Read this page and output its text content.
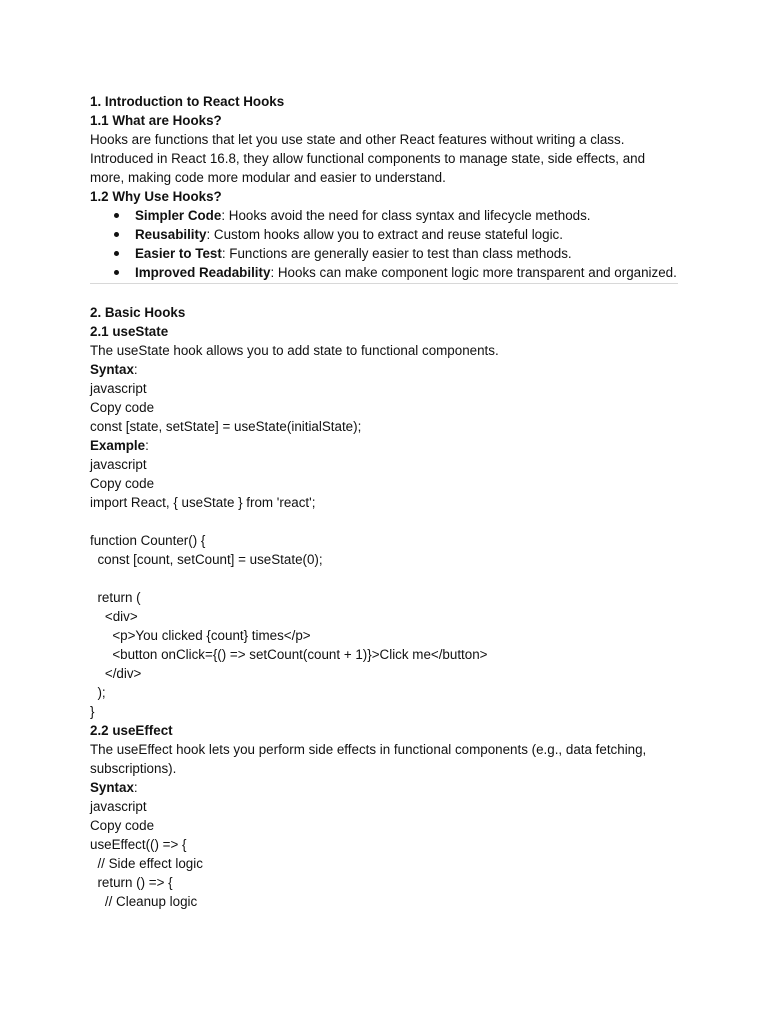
1. Introduction to React Hooks
1.1 What are Hooks?
Hooks are functions that let you use state and other React features without writing a class. Introduced in React 16.8, they allow functional components to manage state, side effects, and more, making code more modular and easier to understand.
1.2 Why Use Hooks?
Simpler Code: Hooks avoid the need for class syntax and lifecycle methods.
Reusability: Custom hooks allow you to extract and reuse stateful logic.
Easier to Test: Functions are generally easier to test than class methods.
Improved Readability: Hooks can make component logic more transparent and organized.
2. Basic Hooks
2.1 useState
The useState hook allows you to add state to functional components.
Syntax:
javascript
Copy code
const [state, setState] = useState(initialState);
Example:
javascript
Copy code
import React, { useState } from 'react';

function Counter() {
const [count, setCount] = useState(0);

return (
<div>
<p>You clicked {count} times</p>
<button onClick={() => setCount(count + 1)}>Click me</button>
</div>
);
}
2.2 useEffect
The useEffect hook lets you perform side effects in functional components (e.g., data fetching, subscriptions).
Syntax:
javascript
Copy code
useEffect(() => {
// Side effect logic
return () => {
// Cleanup logic
